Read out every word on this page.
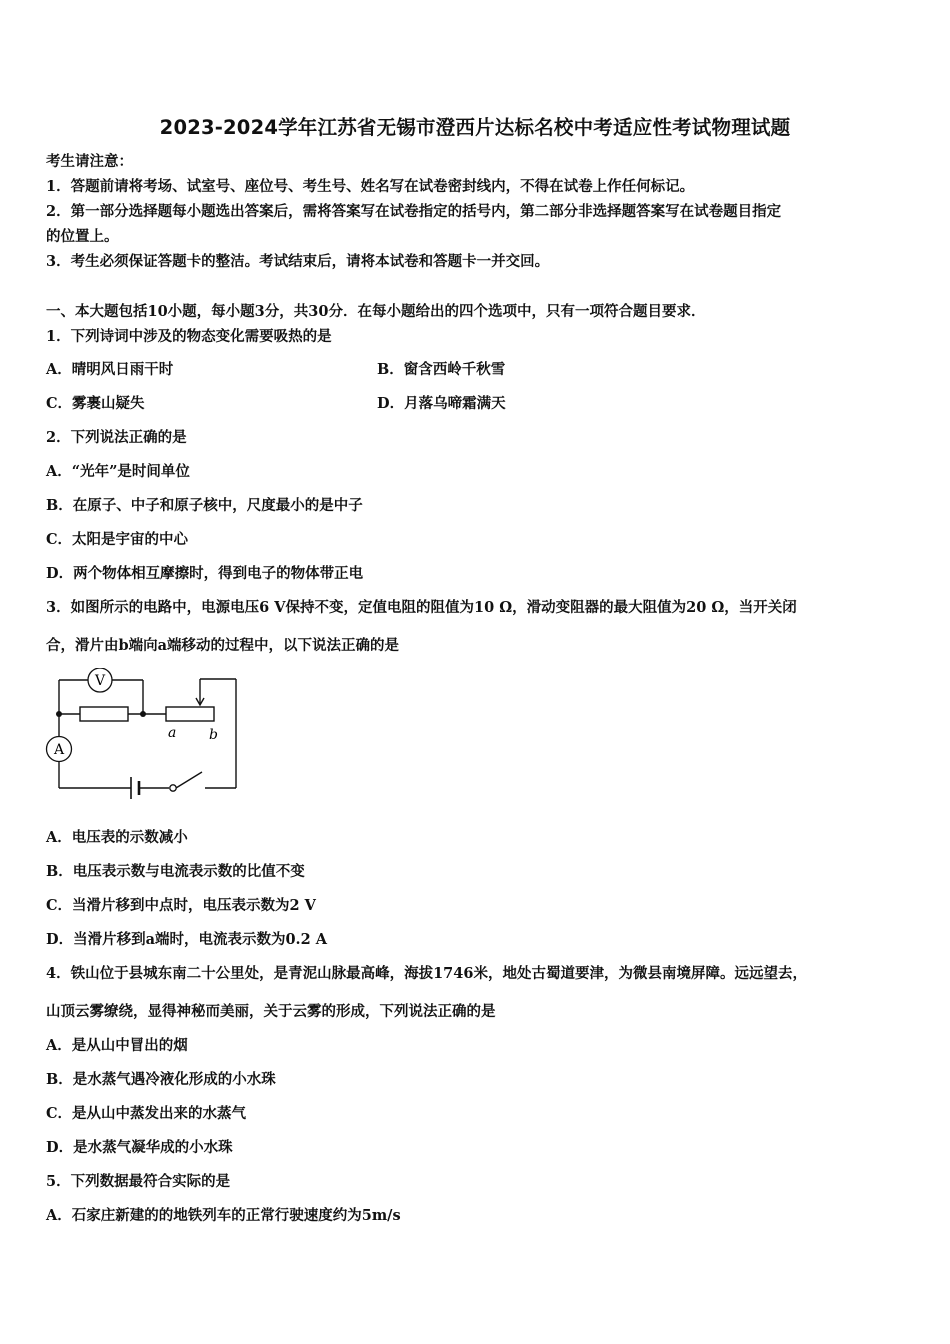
2023-2024学年江苏省无锡市澄西片达标名校中考适应性考试物理试题
考生请注意：
1．答题前请将考场、试室号、座位号、考生号、姓名写在试卷密封线内，不得在试卷上作任何标记。
2．第一部分选择题每小题选出答案后，需将答案写在试卷指定的括号内，第二部分非选择题答案写在试卷题目指定
的位置上。
3．考生必须保证答题卡的整洁。考试结束后，请将本试卷和答题卡一并交回。
一、本大题包括10小题，每小题3分，共30分．在每小题给出的四个选项中，只有一项符合题目要求．
1．下列诗词中涉及的物态变化需要吸热的是
A．晴明风日雨干时	B．窗含西岭千秋雪
C．雾裹山疑失	D．月落乌啼霜满天
2．下列说法正确的是
A．“光年”是时间单位
B．在原子、中子和原子核中，尺度最小的是中子
C．太阳是宇宙的中心
D．两个物体相互摩擦时，得到电子的物体带正电
3．如图所示的电路中，电源电压6 V保持不变，定值电阻的阻值为10 Ω，滑动变阻器的最大阻值为20 Ω，当开关闭
合，滑片由b端向a端移动的过程中，以下说法正确的是
V
A
a b
A．电压表的示数减小
B．电压表示数与电流表示数的比值不变
C．当滑片移到中点时，电压表示数为2 V
D．当滑片移到a端时，电流表示数为0.2 A
4．铁山位于县城东南二十公里处，是青泥山脉最高峰，海拔1746米，地处古蜀道要津，为微县南境屏障。远远望去，
山顶云雾缭绕，显得神秘而美丽，关于云雾的形成，下列说法正确的是
A．是从山中冒出的烟
B．是水蒸气遇冷液化形成的小水珠
C．是从山中蒸发出来的水蒸气
D．是水蒸气凝华成的小水珠
5．下列数据最符合实际的是
A．石家庄新建的的地铁列车的正常行驶速度约为5m/s
